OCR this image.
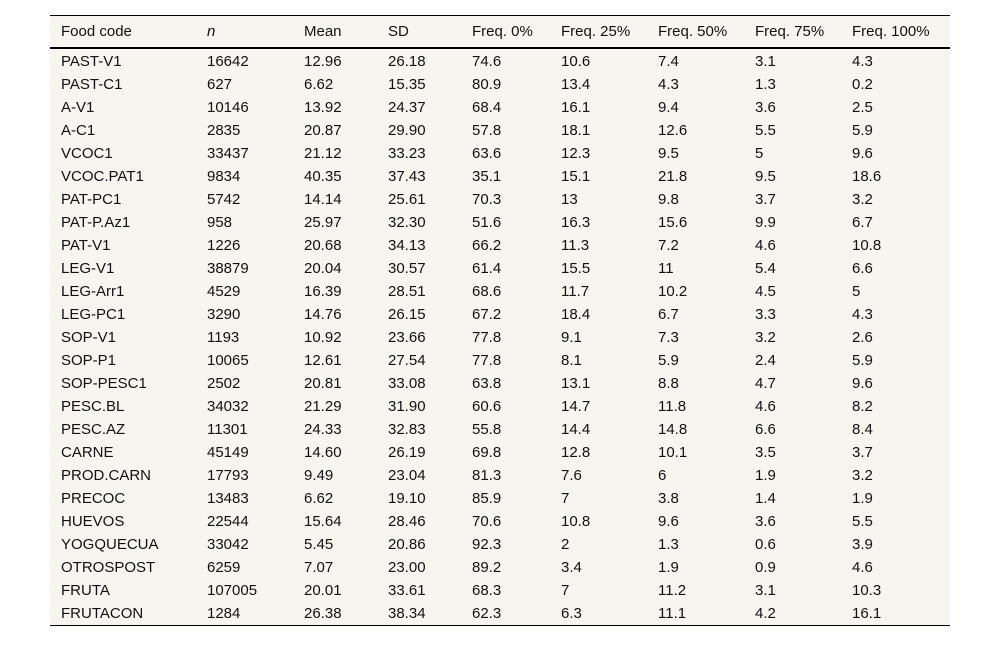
Food code	n	Mean	SD	Freq. 0%	Freq. 25%	Freq. 50%	Freq. 75%	Freq. 100%
PAST-V1	16642	12.96	26.18	74.6	10.6	7.4	3.1	4.3
PAST-C1	627	6.62	15.35	80.9	13.4	4.3	1.3	0.2
A-V1	10146	13.92	24.37	68.4	16.1	9.4	3.6	2.5
A-C1	2835	20.87	29.90	57.8	18.1	12.6	5.5	5.9
VCOC1	33437	21.12	33.23	63.6	12.3	9.5	5	9.6
VCOC.PAT1	9834	40.35	37.43	35.1	15.1	21.8	9.5	18.6
PAT-PC1	5742	14.14	25.61	70.3	13	9.8	3.7	3.2
PAT-P.Az1	958	25.97	32.30	51.6	16.3	15.6	9.9	6.7
PAT-V1	1226	20.68	34.13	66.2	11.3	7.2	4.6	10.8
LEG-V1	38879	20.04	30.57	61.4	15.5	11	5.4	6.6
LEG-Arr1	4529	16.39	28.51	68.6	11.7	10.2	4.5	5
LEG-PC1	3290	14.76	26.15	67.2	18.4	6.7	3.3	4.3
SOP-V1	1193	10.92	23.66	77.8	9.1	7.3	3.2	2.6
SOP-P1	10065	12.61	27.54	77.8	8.1	5.9	2.4	5.9
SOP-PESC1	2502	20.81	33.08	63.8	13.1	8.8	4.7	9.6
PESC.BL	34032	21.29	31.90	60.6	14.7	11.8	4.6	8.2
PESC.AZ	11301	24.33	32.83	55.8	14.4	14.8	6.6	8.4
CARNE	45149	14.60	26.19	69.8	12.8	10.1	3.5	3.7
PROD.CARN	17793	9.49	23.04	81.3	7.6	6	1.9	3.2
PRECOC	13483	6.62	19.10	85.9	7	3.8	1.4	1.9
HUEVOS	22544	15.64	28.46	70.6	10.8	9.6	3.6	5.5
YOGQUECUA	33042	5.45	20.86	92.3	2	1.3	0.6	3.9
OTROSPOST	6259	7.07	23.00	89.2	3.4	1.9	0.9	4.6
FRUTA	107005	20.01	33.61	68.3	7	11.2	3.1	10.3
FRUTACON	1284	26.38	38.34	62.3	6.3	11.1	4.2	16.1
